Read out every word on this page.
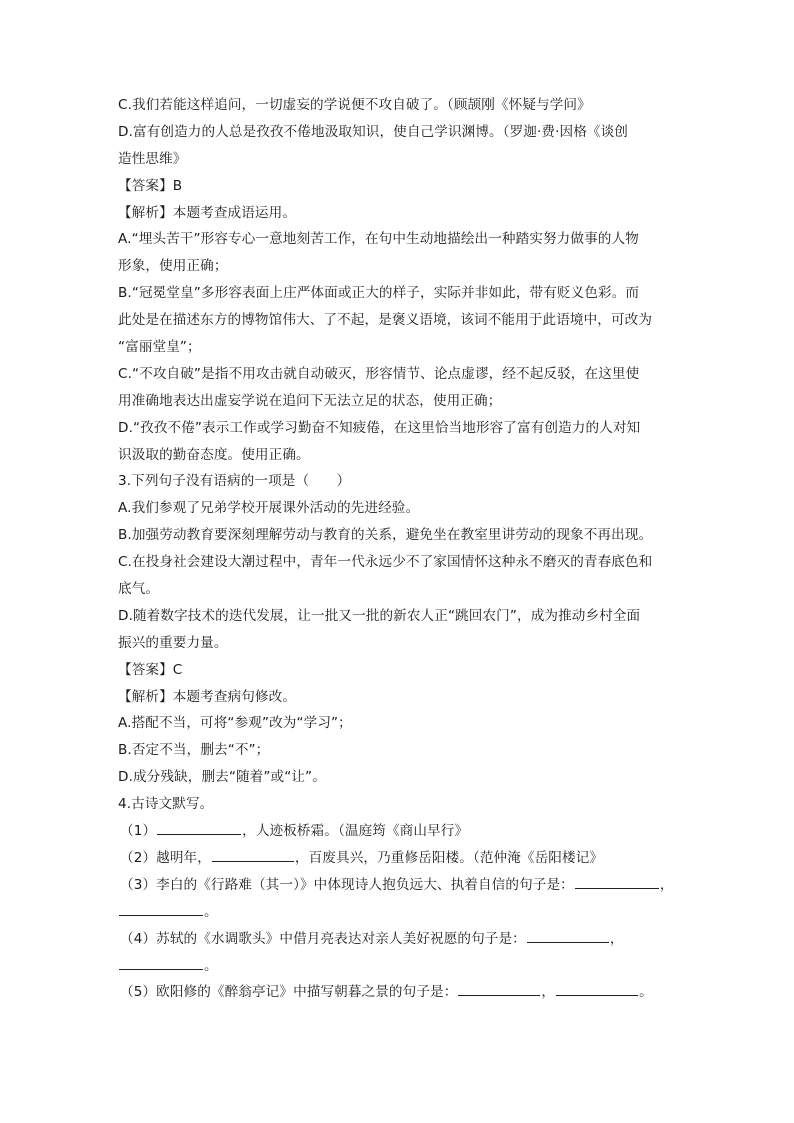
C.我们若能这样追问，一切虚妄的学说便不攻自破了。（顾颉刚《怀疑与学问》
D.富有创造力的人总是孜孜不倦地汲取知识，使自己学识渊博。（罗迦·费·因格《谈创
造性思维》
【答案】B
【解析】本题考查成语运用。
A.“埋头苦干”形容专心一意地刻苦工作，在句中生动地描绘出一种踏实努力做事的人物
形象，使用正确；
B.“冠冕堂皇”多形容表面上庄严体面或正大的样子，实际并非如此，带有贬义色彩。而
此处是在描述东方的博物馆伟大、了不起，是褒义语境，该词不能用于此语境中，可改为
“富丽堂皇”；
C.“不攻自破”是指不用攻击就自动破灭，形容情节、论点虚谬，经不起反驳，在这里使
用准确地表达出虚妄学说在追问下无法立足的状态，使用正确；
D.“孜孜不倦”表示工作或学习勤奋不知疲倦，在这里恰当地形容了富有创造力的人对知
识汲取的勤奋态度。使用正确。
3.下列句子没有语病的一项是（　　）
A.我们参观了兄弟学校开展课外活动的先进经验。
B.加强劳动教育要深刻理解劳动与教育的关系，避免坐在教室里讲劳动的现象不再出现。
C.在投身社会建设大潮过程中，青年一代永远少不了家国情怀这种永不磨灭的青春底色和
底气。
D.随着数字技术的迭代发展，让一批又一批的新农人正“跳回农门”，成为推动乡村全面
振兴的重要力量。
【答案】C
【解析】本题考查病句修改。
A.搭配不当，可将“参观”改为“学习”；
B.否定不当，删去“不”；
D.成分残缺，删去“随着”或“让”。
4.古诗文默写。
（1）	，人迹板桥霜。（温庭筠《商山早行》
（2）越明年，	，百废具兴，乃重修岳阳楼。（范仲淹《岳阳楼记》
（3）李白的《行路难（其一）》中体现诗人抱负远大、执着自信的句子是：	，
。
（4）苏轼的《水调歌头》中借月亮表达对亲人美好祝愿的句子是：	，
。
（5）欧阳修的《醉翁亭记》中描写朝暮之景的句子是：	，	。
